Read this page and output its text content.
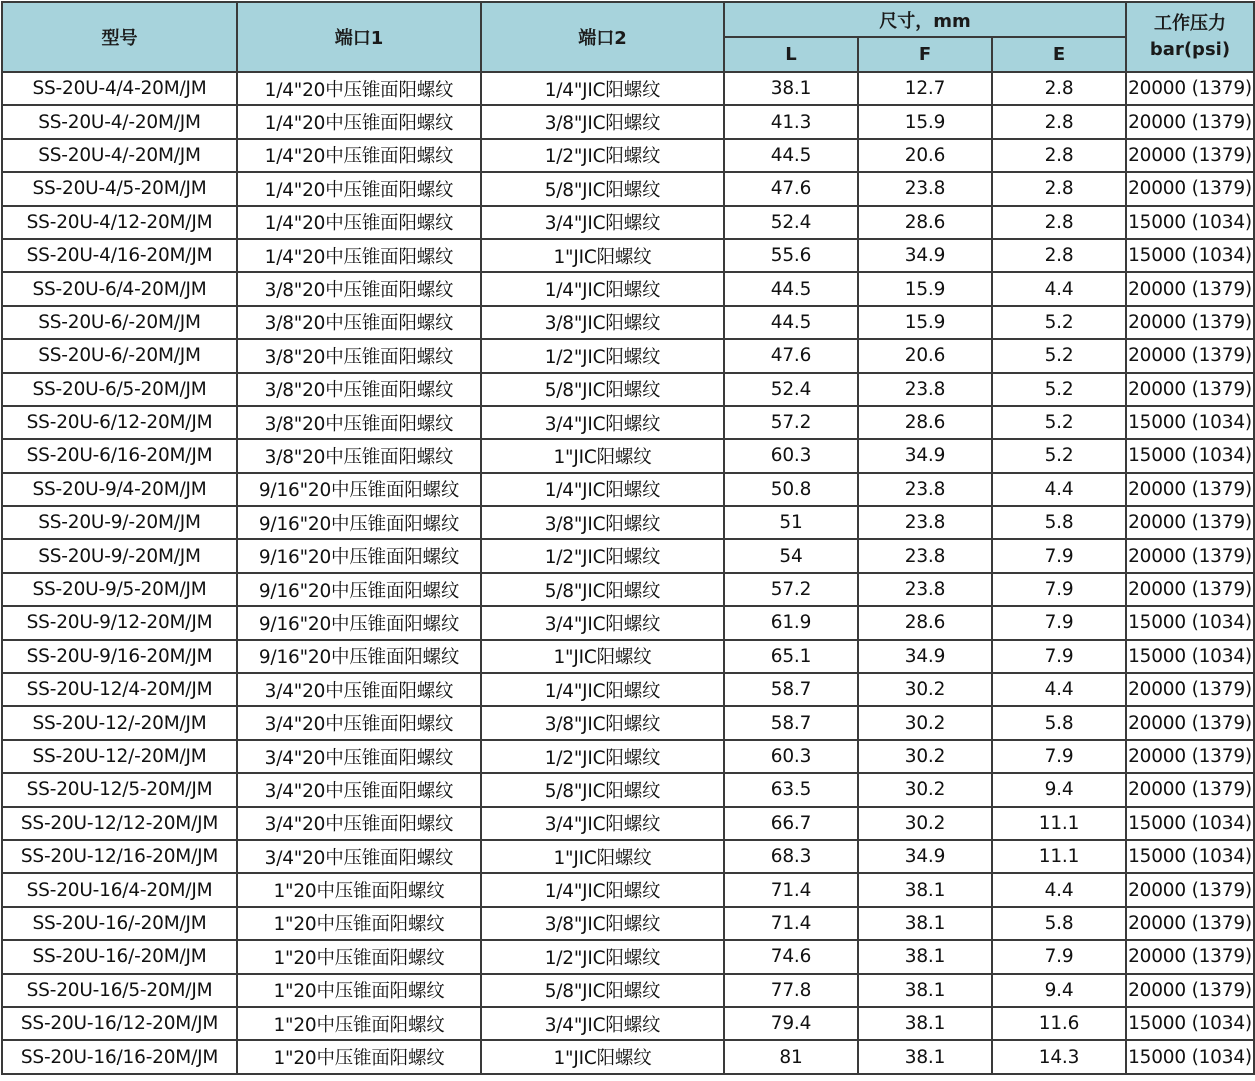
型号	端口1	端口2	尺寸，mm			工作压力
bar(psi)

			L	F	E	
SS-20U-4/4-20M/JM	1/4"20中压锥面阳螺纹	1/4"JIC阳螺纹	38.1	12.7	2.8	20000 (1379)
SS-20U-4/-20M/JM	1/4"20中压锥面阳螺纹	3/8"JIC阳螺纹	41.3	15.9	2.8	20000 (1379)
SS-20U-4/-20M/JM	1/4"20中压锥面阳螺纹	1/2"JIC阳螺纹	44.5	20.6	2.8	20000 (1379)
SS-20U-4/5-20M/JM	1/4"20中压锥面阳螺纹	5/8"JIC阳螺纹	47.6	23.8	2.8	20000 (1379)
SS-20U-4/12-20M/JM	1/4"20中压锥面阳螺纹	3/4"JIC阳螺纹	52.4	28.6	2.8	15000 (1034)
SS-20U-4/16-20M/JM	1/4"20中压锥面阳螺纹	1"JIC阳螺纹	55.6	34.9	2.8	15000 (1034)
SS-20U-6/4-20M/JM	3/8"20中压锥面阳螺纹	1/4"JIC阳螺纹	44.5	15.9	4.4	20000 (1379)
SS-20U-6/-20M/JM	3/8"20中压锥面阳螺纹	3/8"JIC阳螺纹	44.5	15.9	5.2	20000 (1379)
SS-20U-6/-20M/JM	3/8"20中压锥面阳螺纹	1/2"JIC阳螺纹	47.6	20.6	5.2	20000 (1379)
SS-20U-6/5-20M/JM	3/8"20中压锥面阳螺纹	5/8"JIC阳螺纹	52.4	23.8	5.2	20000 (1379)
SS-20U-6/12-20M/JM	3/8"20中压锥面阳螺纹	3/4"JIC阳螺纹	57.2	28.6	5.2	15000 (1034)
SS-20U-6/16-20M/JM	3/8"20中压锥面阳螺纹	1"JIC阳螺纹	60.3	34.9	5.2	15000 (1034)
SS-20U-9/4-20M/JM	9/16"20中压锥面阳螺纹	1/4"JIC阳螺纹	50.8	23.8	4.4	20000 (1379)
SS-20U-9/-20M/JM	9/16"20中压锥面阳螺纹	3/8"JIC阳螺纹	51	23.8	5.8	20000 (1379)
SS-20U-9/-20M/JM	9/16"20中压锥面阳螺纹	1/2"JIC阳螺纹	54	23.8	7.9	20000 (1379)
SS-20U-9/5-20M/JM	9/16"20中压锥面阳螺纹	5/8"JIC阳螺纹	57.2	23.8	7.9	20000 (1379)
SS-20U-9/12-20M/JM	9/16"20中压锥面阳螺纹	3/4"JIC阳螺纹	61.9	28.6	7.9	15000 (1034)
SS-20U-9/16-20M/JM	9/16"20中压锥面阳螺纹	1"JIC阳螺纹	65.1	34.9	7.9	15000 (1034)
SS-20U-12/4-20M/JM	3/4"20中压锥面阳螺纹	1/4"JIC阳螺纹	58.7	30.2	4.4	20000 (1379)
SS-20U-12/-20M/JM	3/4"20中压锥面阳螺纹	3/8"JIC阳螺纹	58.7	30.2	5.8	20000 (1379)
SS-20U-12/-20M/JM	3/4"20中压锥面阳螺纹	1/2"JIC阳螺纹	60.3	30.2	7.9	20000 (1379)
SS-20U-12/5-20M/JM	3/4"20中压锥面阳螺纹	5/8"JIC阳螺纹	63.5	30.2	9.4	20000 (1379)
SS-20U-12/12-20M/JM	3/4"20中压锥面阳螺纹	3/4"JIC阳螺纹	66.7	30.2	11.1	15000 (1034)
SS-20U-12/16-20M/JM	3/4"20中压锥面阳螺纹	1"JIC阳螺纹	68.3	34.9	11.1	15000 (1034)
SS-20U-16/4-20M/JM	1"20中压锥面阳螺纹	1/4"JIC阳螺纹	71.4	38.1	4.4	20000 (1379)
SS-20U-16/-20M/JM	1"20中压锥面阳螺纹	3/8"JIC阳螺纹	71.4	38.1	5.8	20000 (1379)
SS-20U-16/-20M/JM	1"20中压锥面阳螺纹	1/2"JIC阳螺纹	74.6	38.1	7.9	20000 (1379)
SS-20U-16/5-20M/JM	1"20中压锥面阳螺纹	5/8"JIC阳螺纹	77.8	38.1	9.4	20000 (1379)
SS-20U-16/12-20M/JM	1"20中压锥面阳螺纹	3/4"JIC阳螺纹	79.4	38.1	11.6	15000 (1034)
SS-20U-16/16-20M/JM	1"20中压锥面阳螺纹	1"JIC阳螺纹	81	38.1	14.3	15000 (1034)
